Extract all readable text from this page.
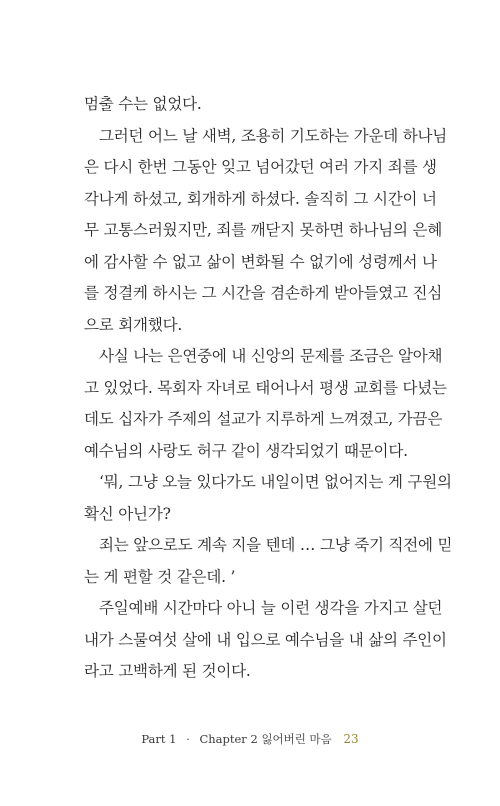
멈출 수는 없었다.
그러던 어느 날 새벽, 조용히 기도하는 가운데 하나님
은 다시 한번 그동안 잊고 넘어갔던 여러 가지 죄를 생
각나게 하셨고, 회개하게 하셨다. 솔직히 그 시간이 너
무 고통스러웠지만, 죄를 깨닫지 못하면 하나님의 은혜
에 감사할 수 없고 삶이 변화될 수 없기에 성령께서 나
를 정결케 하시는 그 시간을 겸손하게 받아들였고 진심
으로 회개했다.
사실 나는 은연중에 내 신앙의 문제를 조금은 알아채
고 있었다. 목회자 자녀로 태어나서 평생 교회를 다녔는
데도 십자가 주제의 설교가 지루하게 느껴졌고, 가끔은
예수님의 사랑도 허구 같이 생각되었기 때문이다.
‘뭐, 그냥 오늘 있다가도 내일이면 없어지는 게 구원의
확신 아닌가?
죄는 앞으로도 계속 지을 텐데 … 그냥 죽기 직전에 믿
는 게 편할 것 같은데. ’
주일예배 시간마다 아니 늘 이런 생각을 가지고 살던
내가 스물여섯 살에 내 입으로 예수님을 내 삶의 주인이
라고 고백하게 된 것이다.
Part 1 · Chapter 2 잃어버린 마음 23
